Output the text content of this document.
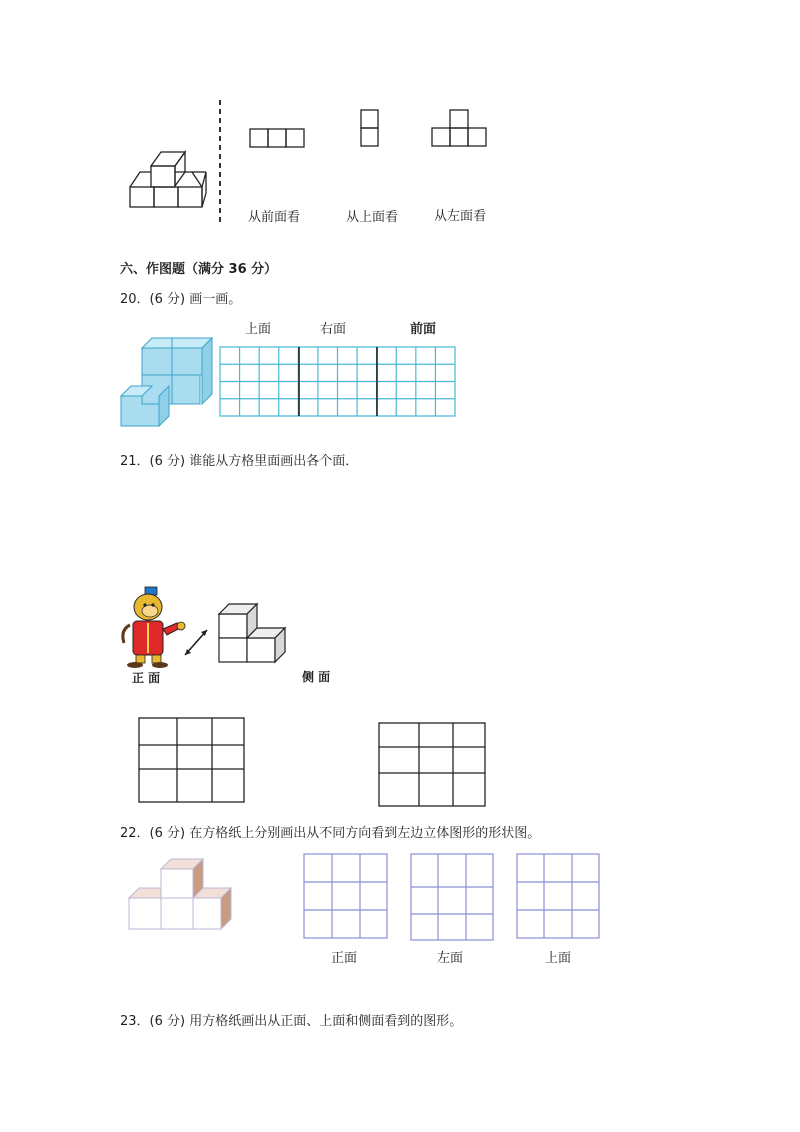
从前面看	从上面看	从左面看
六、作图题（满分 36 分）
20．(6 分) 画一画。
上面	右面	前面
21．(6 分) 谁能从方格里面画出各个面．
正 面	侧 面
22．(6 分) 在方格纸上分别画出从不同方向看到左边立体图形的形状图。
正面	左面	上面
23．(6 分) 用方格纸画出从正面、上面和侧面看到的图形。
